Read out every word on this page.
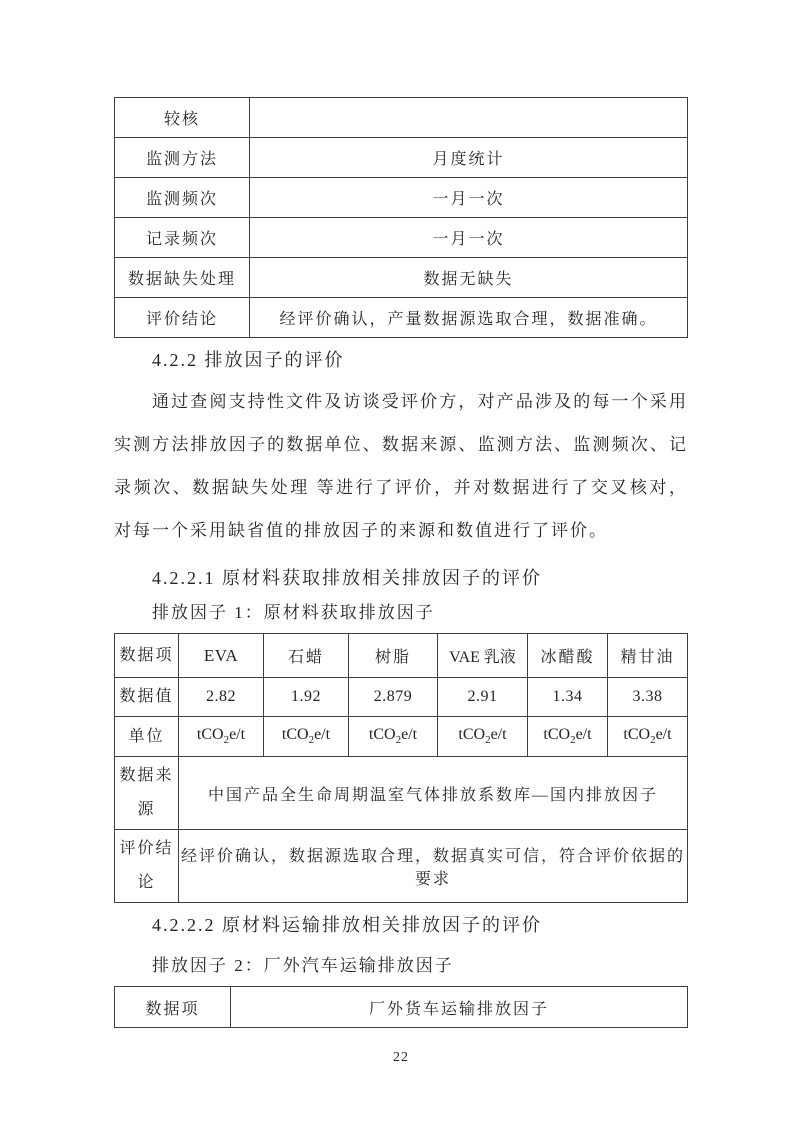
较核	
监测方法	月度统计
监测频次	一月一次
记录频次	一月一次
数据缺失处理	数据无缺失
评价结论	经评价确认，产量数据源选取合理，数据准确。
4.2.2 排放因子的评价
通过查阅支持性文件及访谈受评价方，对产品涉及的每一个采用
实测方法排放因子的数据单位、数据来源、监测方法、监测频次、记
录频次、数据缺失处理 等进行了评价，并对数据进行了交叉核对，
对每一个采用缺省值的排放因子的来源和数值进行了评价。
4.2.2.1 原材料获取排放相关排放因子的评价
排放因子 1：原材料获取排放因子
数据项	EVA	石蜡	树脂	VAE 乳液	冰醋酸	精甘油
数据值	2.82	1.92	2.879	2.91	1.34	3.38
单位	tCO$_2$e/t	tCO$_2$e/t	tCO$_2$e/t	tCO$_2$e/t	tCO$_2$e/t	tCO$_2$e/t
数据来源	中国产品全生命周期温室气体排放系数库—国内排放因子					
评价结论	经评价确认，数据源选取合理，数据真实可信，符合评价依据的要求					
4.2.2.2 原材料运输排放相关排放因子的评价
排放因子 2：厂外汽车运输排放因子
数据项	厂外货车运输排放因子
22
